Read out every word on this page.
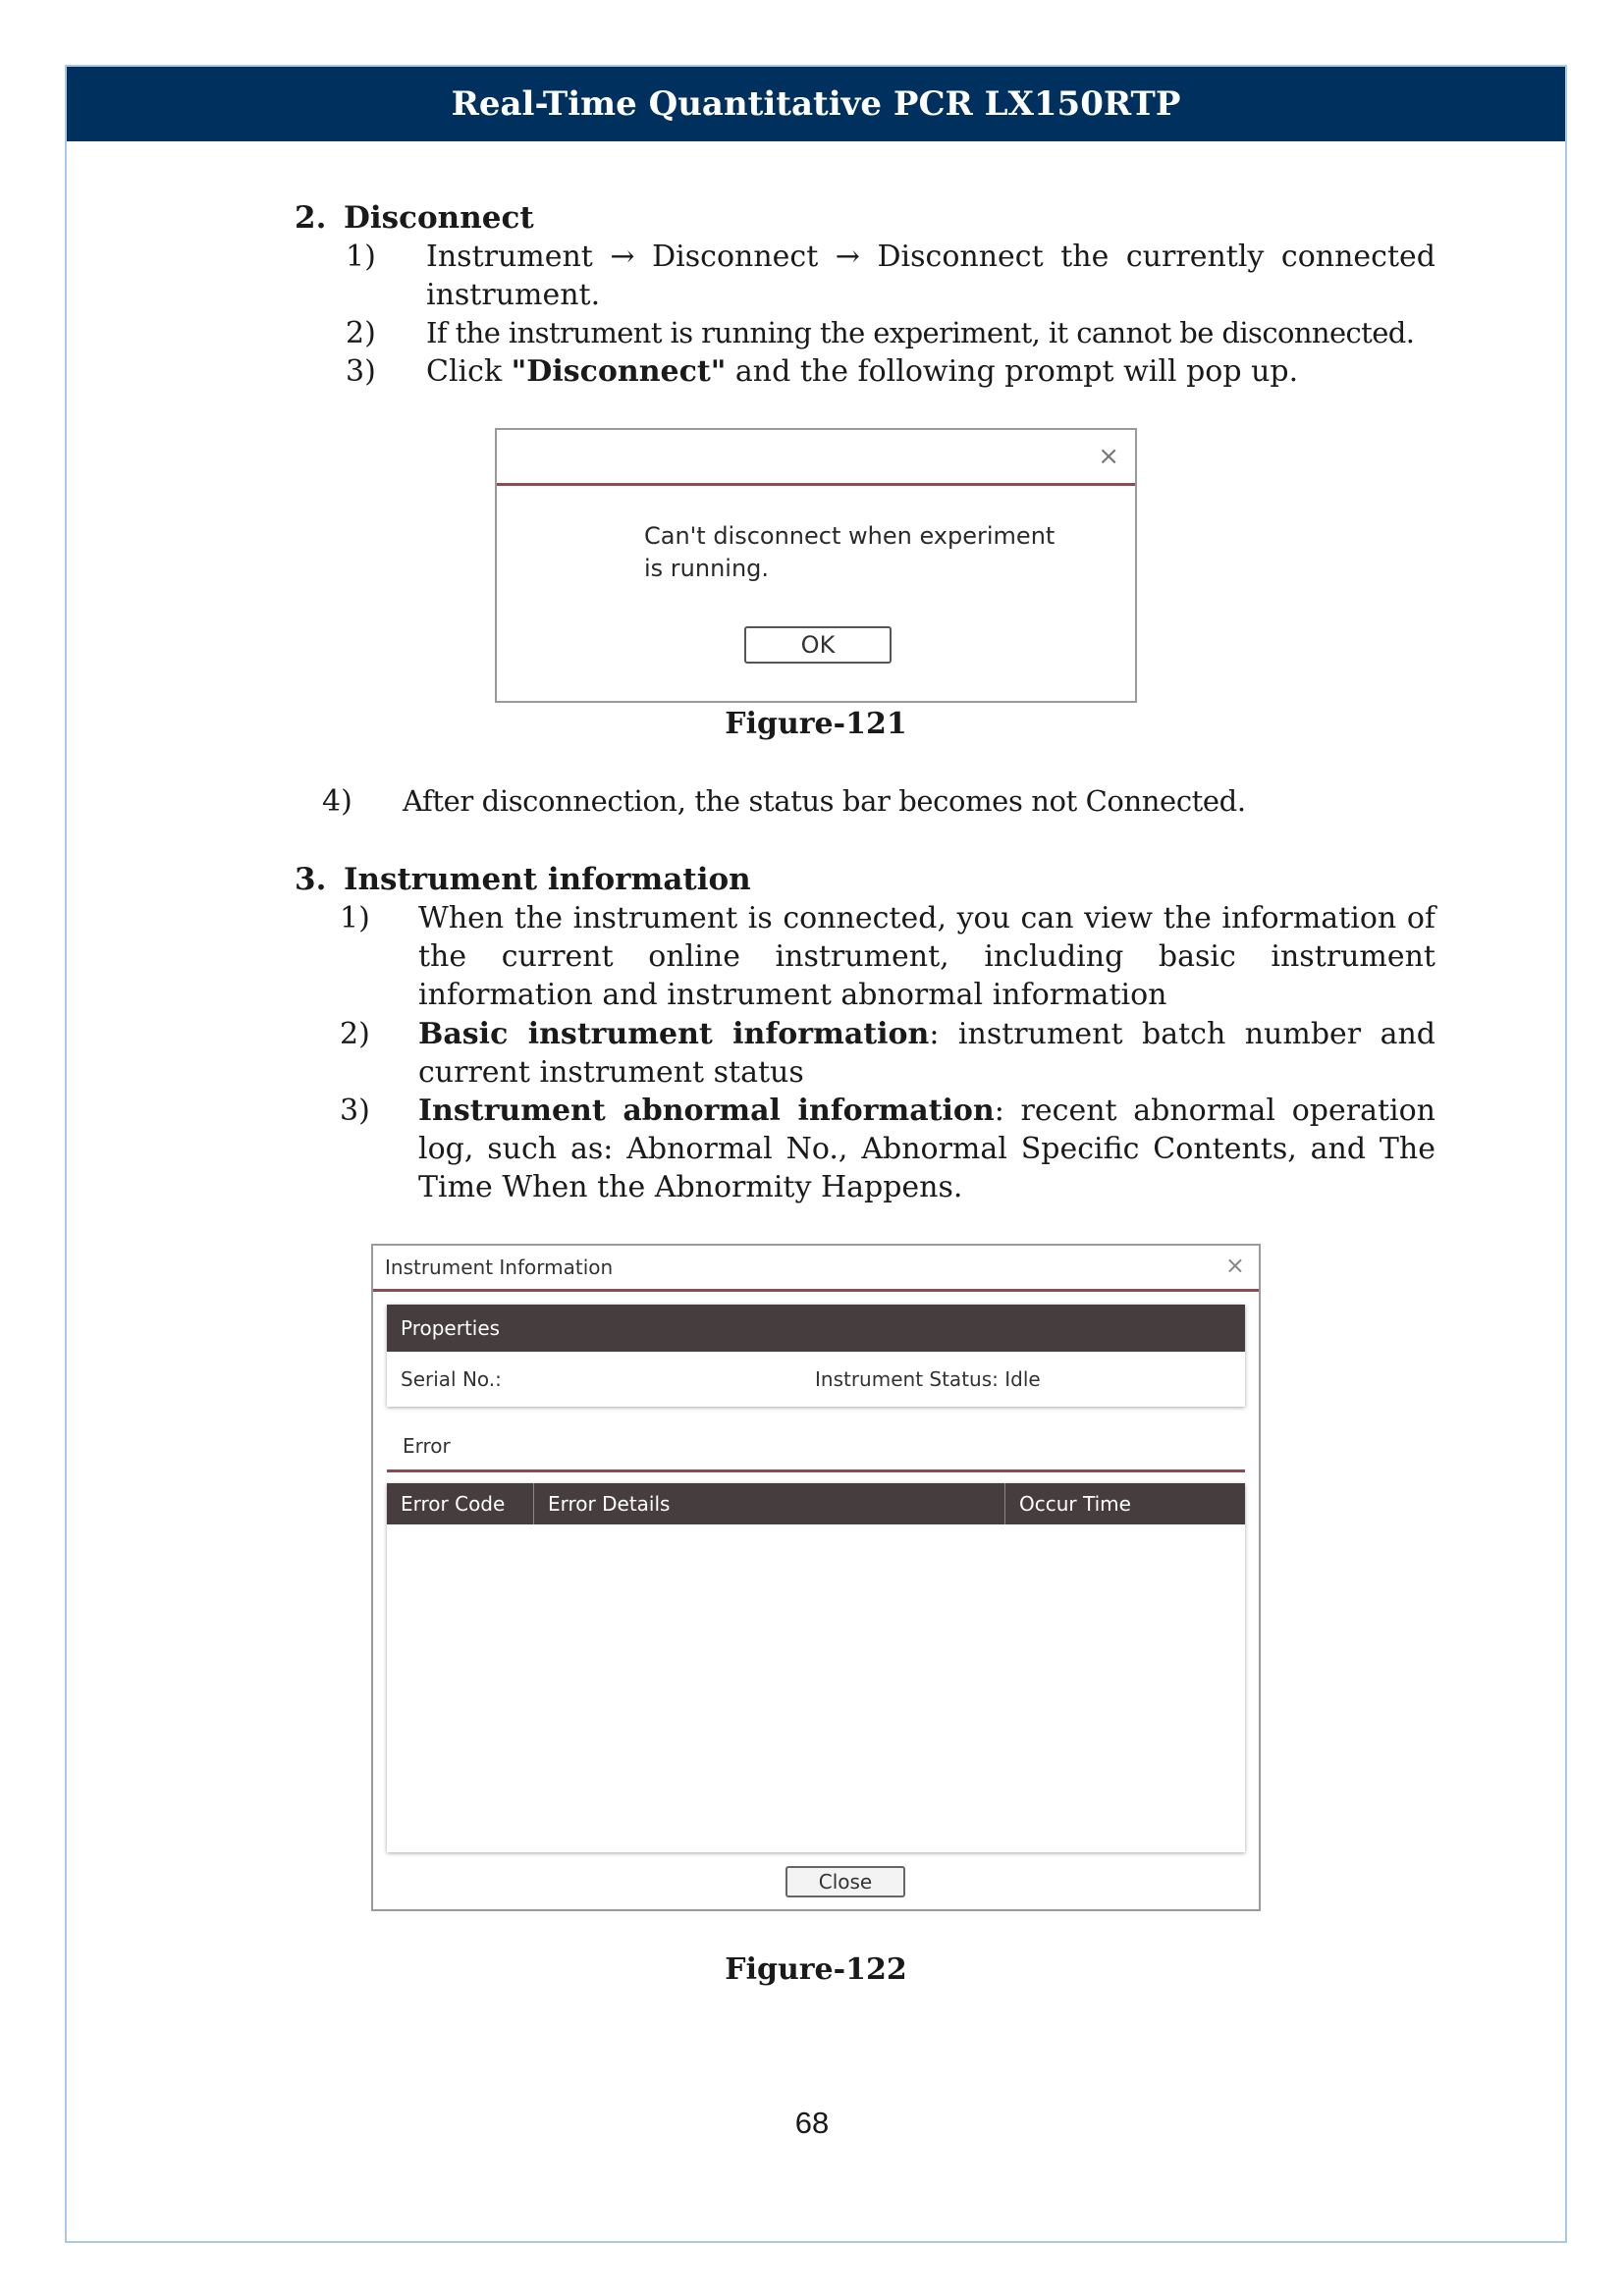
Real-Time Quantitative PCR LX150RTP
2. Disconnect
1) Instrument → Disconnect → Disconnect the currently connected instrument.
2) If the instrument is running the experiment, it cannot be disconnected.
3) Click "Disconnect" and the following prompt will pop up.
×
Can't disconnect when experiment is running.
OK
Figure-121
4) After disconnection, the status bar becomes not Connected.
3. Instrument information
1) When the instrument is connected, you can view the information of the current online instrument, including basic instrument information and instrument abnormal information
2) Basic instrument information: instrument batch number and current instrument status
3) Instrument abnormal information: recent abnormal operation log, such as: Abnormal No., Abnormal Specific Contents, and The Time When the Abnormity Happens.
Instrument Information	×
Properties
Serial No.:	Instrument Status: Idle
Error
Error Code	Error Details	Occur Time
Close
Figure-122
68
